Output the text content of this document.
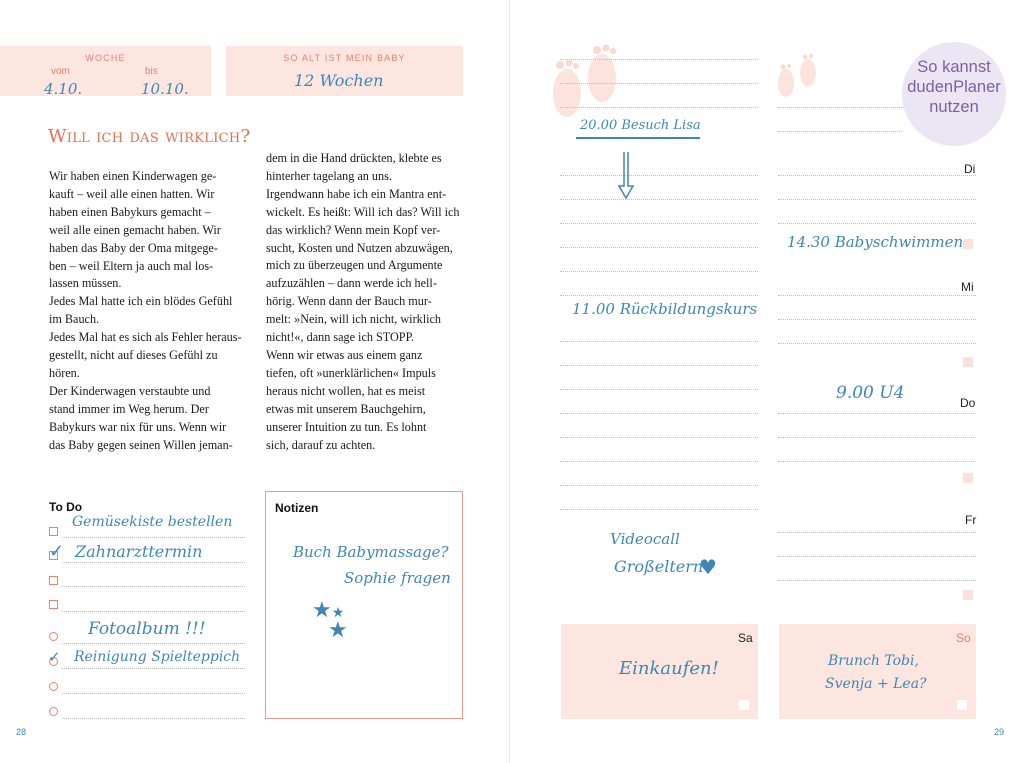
WOCHE
vom	bis
4.10.	10.10.
SO ALT IST MEIN BABY
12 Wochen
Will ich das wirklich?

Wir haben einen Kinderwagen ge-

kauft – weil alle einen hatten. Wir

haben einen Babykurs gemacht –

weil alle einen gemacht haben. Wir

haben das Baby der Oma mitgege-

ben – weil Eltern ja auch mal los-

lassen müssen.

Jedes Mal hatte ich ein blödes Gefühl

im Bauch.

Jedes Mal hat es sich als Fehler heraus-

gestellt, nicht auf dieses Gefühl zu

hören.

Der Kinderwagen verstaubte und

stand immer im Weg herum. Der

Babykurs war nix für uns. Wenn wir

das Baby gegen seinen Willen jeman-

dem in die Hand drückten, klebte es

hinterher tagelang an uns.

Irgendwann habe ich ein Mantra ent-

wickelt. Es heißt: Will ich das? Will ich

das wirklich? Wenn mein Kopf ver-

sucht, Kosten und Nutzen abzuwägen,

mich zu überzeugen und Argumente

aufzuzählen – dann werde ich hell-

hörig. Wenn dann der Bauch mur-

melt: »Nein, will ich nicht, wirklich

nicht!«, dann sage ich STOPP.

Wenn wir etwas aus einem ganz

tiefen, oft »unerklärlichen« Impuls

heraus nicht wollen, hat es meist

etwas mit unserem Bauchgehirn,

unserer Intuition zu tun. Es lohnt

sich, darauf zu achten.

To Do
Gemüsekiste bestellen
✓ Zahnarzttermin
Fotoalbum !!!
✓ Reinigung Spielteppich
Notizen
Buch Babymassage?
Sophie fragen
★★
★
28
Di
Mi
Do
Fr
20.00 Besuch Lisa
14.30 Babyschwimmen
11.00 Rückbildungskurs
9.00 U4
Videocall
Großeltern
♥
Sa
Einkaufen!
So
Brunch Tobi,
Svenja + Lea?
So kannst
dudenPlaner
nutzen
29
